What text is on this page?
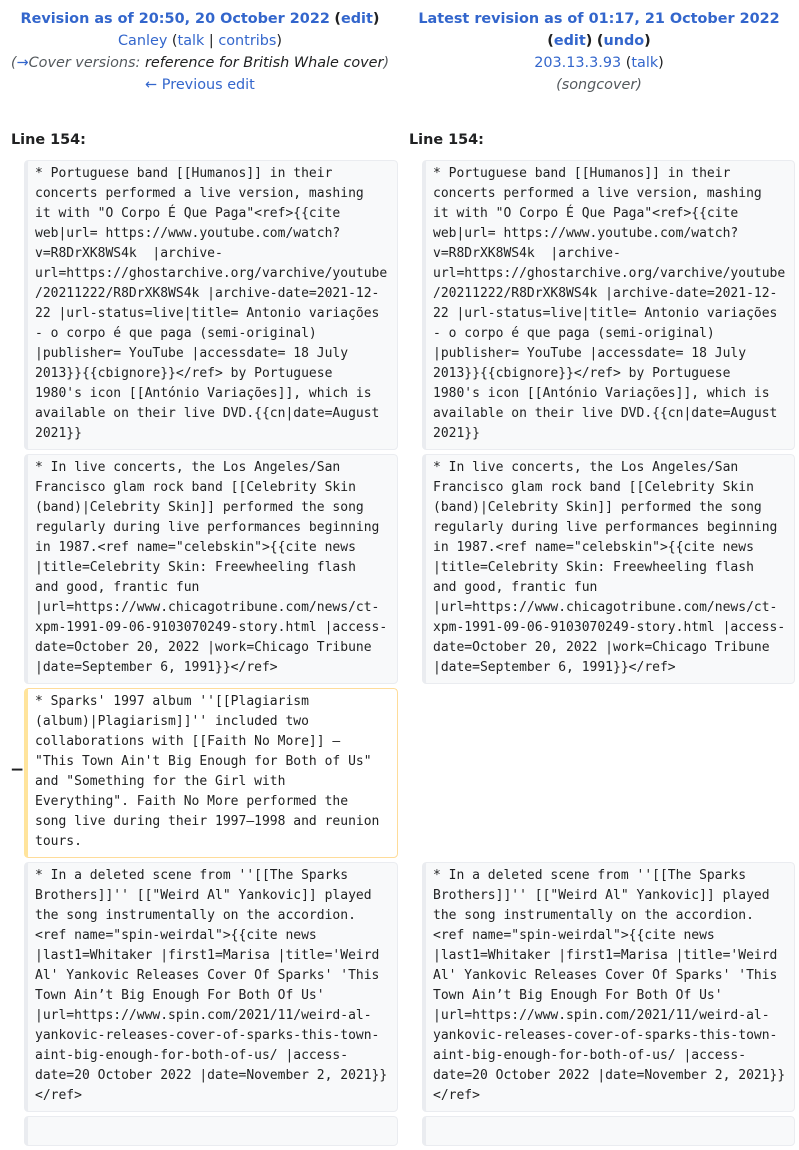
Revision as of 20:50, 20 October 2022 (edit)
Canley (talk | contribs)
(→Cover versions: reference for British Whale cover)
← Previous edit
Latest revision as of 01:17, 21 October 2022
(edit) (undo)
203.13.3.93 (talk)
(songcover)
Line 154:	Line 154:
* Portuguese band [[Humanos]] in their
concerts performed a live version, mashing
it with "O Corpo É Que Paga"<ref>{{cite
web|url= https://www.youtube.com/watch?
v=R8DrXK8WS4k  |archive-
url=https://ghostarchive.org/varchive/youtube
/20211222/R8DrXK8WS4k |archive-date=2021-12-
22 |url-status=live|title= Antonio variações
- o corpo é que paga (semi-original)
|publisher= YouTube |accessdate= 18 July
2013}}{{cbignore}}</ref> by Portuguese
1980's icon [[António Variações]], which is
available on their live DVD.{{cn|date=August
2021}}
* Portuguese band [[Humanos]] in their
concerts performed a live version, mashing
it with "O Corpo É Que Paga"<ref>{{cite
web|url= https://www.youtube.com/watch?
v=R8DrXK8WS4k  |archive-
url=https://ghostarchive.org/varchive/youtube
/20211222/R8DrXK8WS4k |archive-date=2021-12-
22 |url-status=live|title= Antonio variações
- o corpo é que paga (semi-original)
|publisher= YouTube |accessdate= 18 July
2013}}{{cbignore}}</ref> by Portuguese
1980's icon [[António Variações]], which is
available on their live DVD.{{cn|date=August
2021}}
* In live concerts, the Los Angeles/San
Francisco glam rock band [[Celebrity Skin
(band)|Celebrity Skin]] performed the song
regularly during live performances beginning
in 1987.<ref name="celebskin">{{cite news
|title=Celebrity Skin: Freewheeling flash
and good, frantic fun
|url=https://www.chicagotribune.com/news/ct-
xpm-1991-09-06-9103070249-story.html |access-
date=October 20, 2022 |work=Chicago Tribune
|date=September 6, 1991}}</ref>
* In live concerts, the Los Angeles/San
Francisco glam rock band [[Celebrity Skin
(band)|Celebrity Skin]] performed the song
regularly during live performances beginning
in 1987.<ref name="celebskin">{{cite news
|title=Celebrity Skin: Freewheeling flash
and good, frantic fun
|url=https://www.chicagotribune.com/news/ct-
xpm-1991-09-06-9103070249-story.html |access-
date=October 20, 2022 |work=Chicago Tribune
|date=September 6, 1991}}</ref>
−
* Sparks' 1997 album ''[[Plagiarism
(album)|Plagiarism]]'' included two
collaborations with [[Faith No More]] –
"This Town Ain't Big Enough for Both of Us"
and "Something for the Girl with
Everything". Faith No More performed the
song live during their 1997–1998 and reunion
tours.
* In a deleted scene from ''[[The Sparks
Brothers]]'' [["Weird Al" Yankovic]] played
the song instrumentally on the accordion.
<ref name="spin-weirdal">{{cite news
|last1=Whitaker |first1=Marisa |title='Weird
Al' Yankovic Releases Cover Of Sparks' 'This
Town Ain’t Big Enough For Both Of Us'
|url=https://www.spin.com/2021/11/weird-al-
yankovic-releases-cover-of-sparks-this-town-
aint-big-enough-for-both-of-us/ |access-
date=20 October 2022 |date=November 2, 2021}}
</ref>
* In a deleted scene from ''[[The Sparks
Brothers]]'' [["Weird Al" Yankovic]] played
the song instrumentally on the accordion.
<ref name="spin-weirdal">{{cite news
|last1=Whitaker |first1=Marisa |title='Weird
Al' Yankovic Releases Cover Of Sparks' 'This
Town Ain’t Big Enough For Both Of Us'
|url=https://www.spin.com/2021/11/weird-al-
yankovic-releases-cover-of-sparks-this-town-
aint-big-enough-for-both-of-us/ |access-
date=20 October 2022 |date=November 2, 2021}}
</ref>
